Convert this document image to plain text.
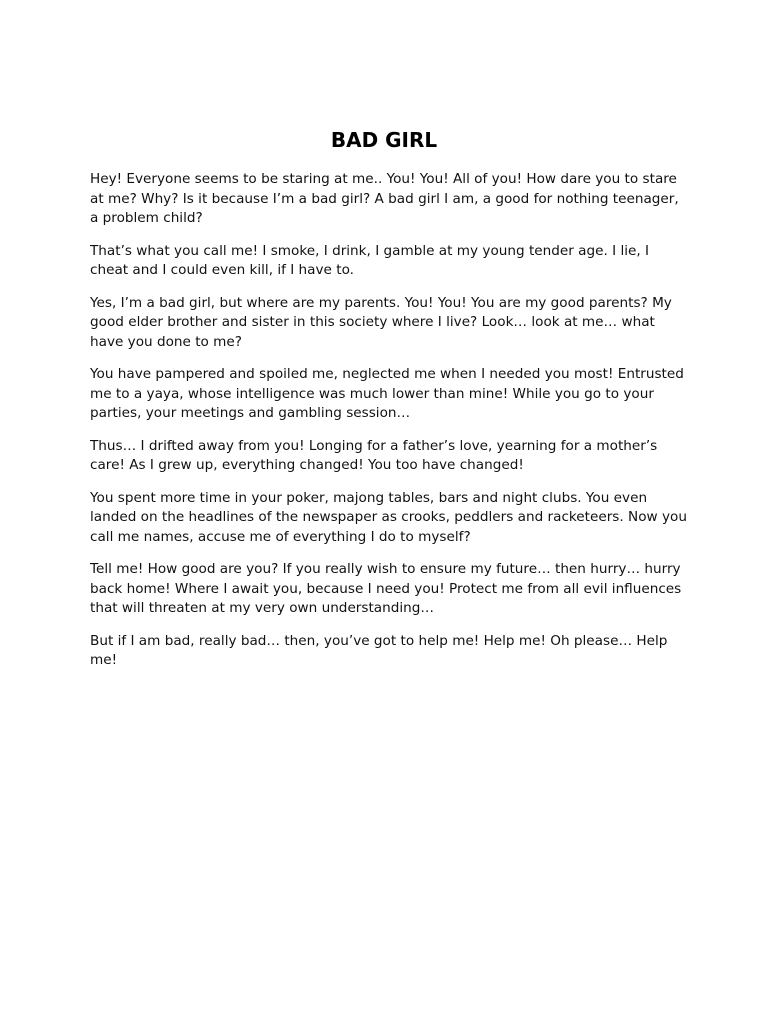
BAD GIRL

Hey! Everyone seems to be staring at me.. You! You! All of you! How dare you to stare at me? Why? Is it because I’m a bad girl? A bad girl I am, a good for nothing teenager, a problem child?

That’s what you call me! I smoke, I drink, I gamble at my young tender age. I lie, I cheat and I could even kill, if I have to.

Yes, I’m a bad girl, but where are my parents. You! You! You are my good parents? My good elder brother and sister in this society where I live? Look… look at me… what have you done to me?

You have pampered and spoiled me, neglected me when I needed you most! Entrusted me to a yaya, whose intelligence was much lower than mine! While you go to your parties, your meetings and gambling session…

Thus… I drifted away from you! Longing for a father’s love, yearning for a mother’s care! As I grew up, everything changed! You too have changed!

You spent more time in your poker, majong tables, bars and night clubs. You even landed on the headlines of the newspaper as crooks, peddlers and racketeers. Now you call me names, accuse me of everything I do to myself?

Tell me! How good are you? If you really wish to ensure my future… then hurry… hurry back home! Where I await you, because I need you! Protect me from all evil influences that will threaten at my very own understanding…

But if I am bad, really bad… then, you’ve got to help me! Help me! Oh please… Help me!
